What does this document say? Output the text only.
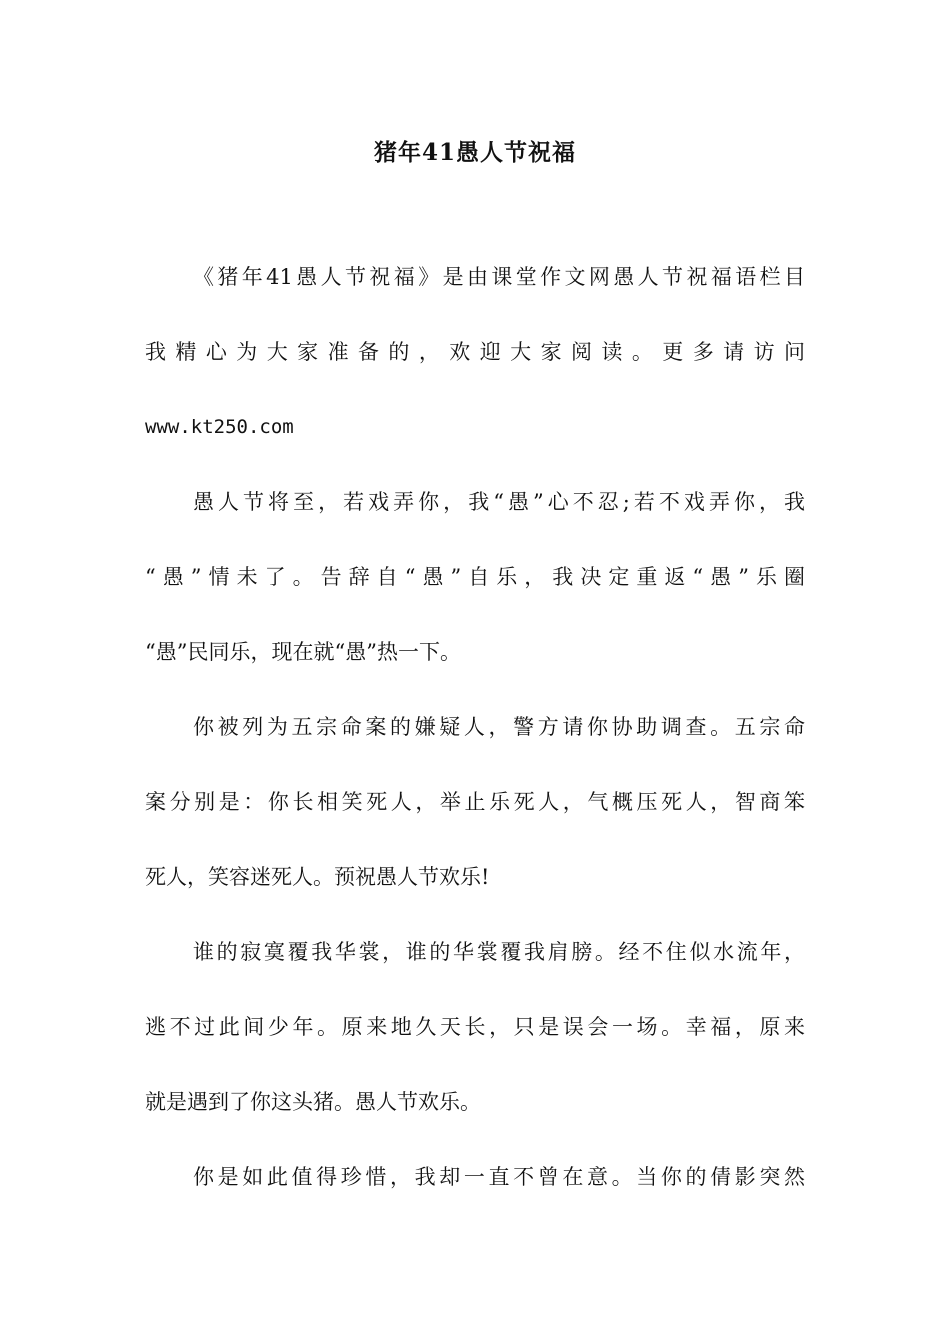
猪年41愚人节祝福
《猪年41愚人节祝福》是由课堂作文网愚人节祝福语栏目
我精心为大家准备的，欢迎大家阅读。更多请访问
www.kt250.com
愚人节将至，若戏弄你，我“愚”心不忍;若不戏弄你，我
“愚”情未了。告辞自“愚”自乐，我决定重返“愚”乐圈
“愚”民同乐，现在就“愚”热一下。
你被列为五宗命案的嫌疑人，警方请你协助调查。五宗命
案分别是：你长相笑死人，举止乐死人，气概压死人，智商笨
死人，笑容迷死人。预祝愚人节欢乐!
谁的寂寞覆我华裳，谁的华裳覆我肩膀。经不住似水流年，
逃不过此间少年。原来地久天长，只是误会一场。幸福，原来
就是遇到了你这头猪。愚人节欢乐。
你是如此值得珍惜，我却一直不曾在意。当你的倩影突然
